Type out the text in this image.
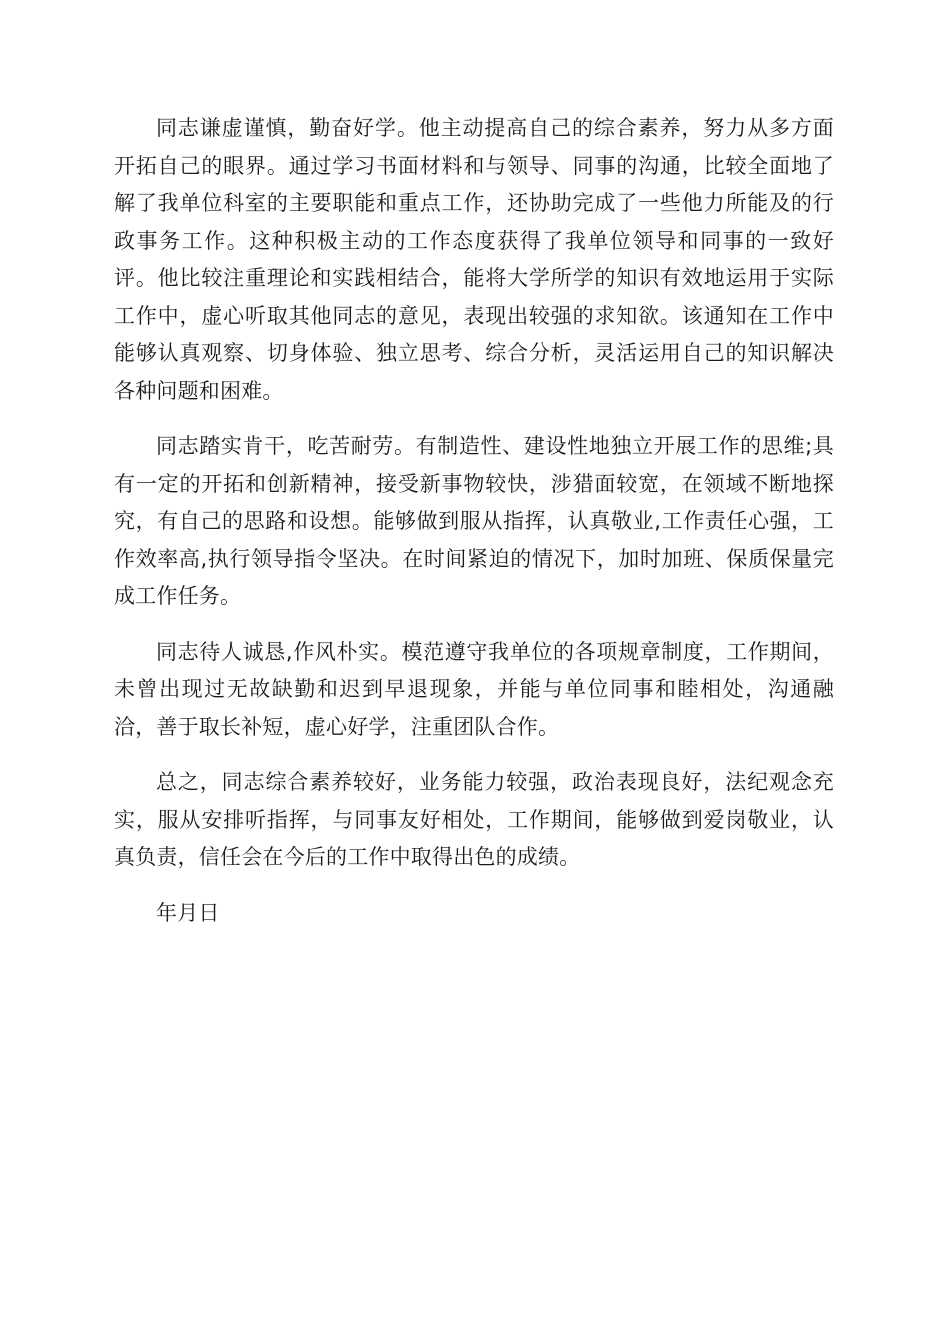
同志谦虚谨慎，勤奋好学。他主动提高自己的综合素养，努力从多方面开拓自己的眼界。通过学习书面材料和与领导、同事的沟通，比较全面地了解了我单位科室的主要职能和重点工作，还协助完成了一些他力所能及的行政事务工作。这种积极主动的工作态度获得了我单位领导和同事的一致好评。他比较注重理论和实践相结合，能将大学所学的知识有效地运用于实际工作中，虚心听取其他同志的意见，表现出较强的求知欲。该通知在工作中能够认真观察、切身体验、独立思考、综合分析，灵活运用自己的知识解决各种问题和困难。

同志踏实肯干，吃苦耐劳。有制造性、建设性地独立开展工作的思维;具有一定的开拓和创新精神，接受新事物较快，涉猎面较宽，在领域不断地探究，有自己的思路和设想。能够做到服从指挥，认真敬业,工作责任心强，工作效率高,执行领导指令坚决。在时间紧迫的情况下，加时加班、保质保量完成工作任务。

同志待人诚恳,作风朴实。模范遵守我单位的各项规章制度，工作期间，未曾出现过无故缺勤和迟到早退现象，并能与单位同事和睦相处，沟通融洽，善于取长补短，虚心好学，注重团队合作。

总之，同志综合素养较好，业务能力较强，政治表现良好，法纪观念充实，服从安排听指挥，与同事友好相处，工作期间，能够做到爱岗敬业，认真负责，信任会在今后的工作中取得出色的成绩。

年月日
